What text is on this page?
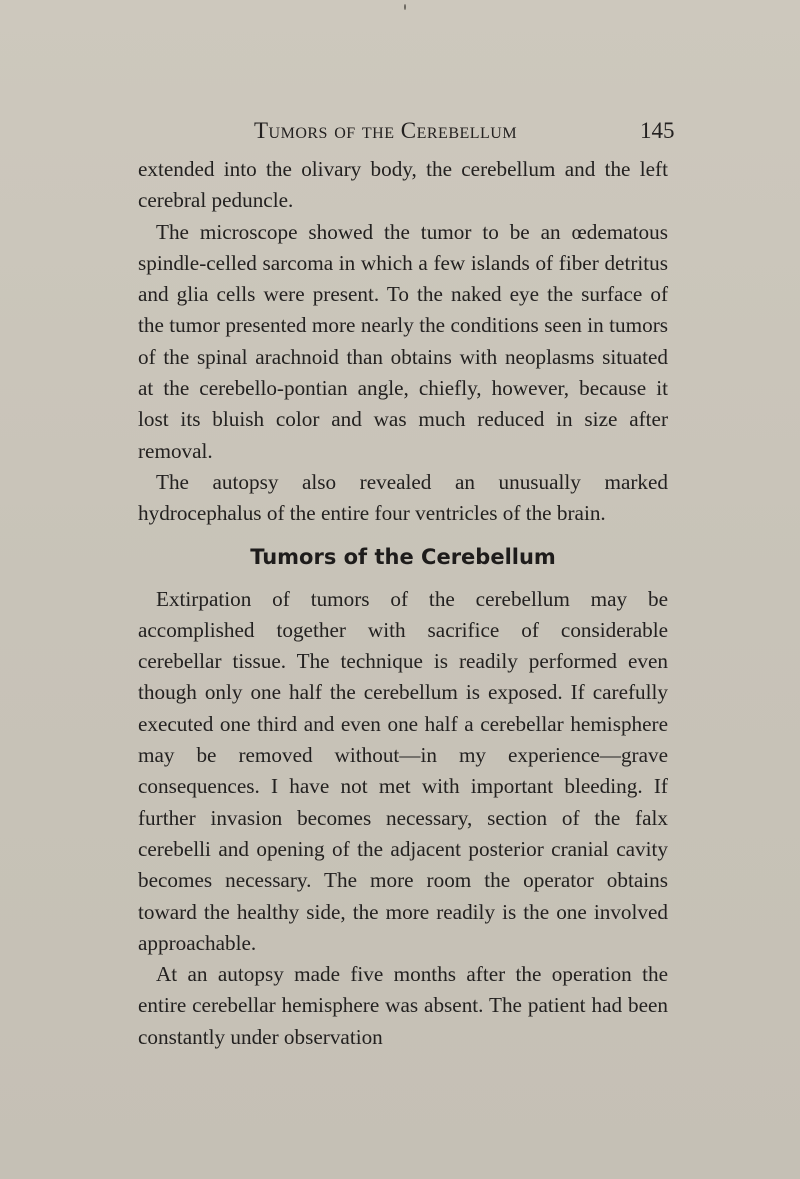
Tumors of the Cerebellum	145

extended into the olivary body, the cerebellum and the left cerebral peduncle.

The microscope showed the tumor to be an œdematous spindle-celled sarcoma in which a few islands of fiber detritus and glia cells were present. To the naked eye the surface of the tumor presented more nearly the conditions seen in tumors of the spinal arachnoid than obtains with neoplasms situated at the cerebello-pontian angle, chiefly, however, because it lost its bluish color and was much reduced in size after removal.

The autopsy also revealed an unusually marked hydrocephalus of the entire four ventricles of the brain.

Tumors of the Cerebellum

Extirpation of tumors of the cerebellum may be accomplished together with sacrifice of considerable cerebellar tissue. The technique is readily performed even though only one half the cerebellum is exposed. If carefully executed one third and even one half a cerebellar hemisphere may be removed without—in my experience—grave consequences. I have not met with important bleeding. If further invasion becomes necessary, section of the falx cerebelli and opening of the adjacent posterior cranial cavity becomes necessary. The more room the operator obtains toward the healthy side, the more readily is the one involved approachable.

At an autopsy made five months after the operation the entire cerebellar hemisphere was absent. The patient had been constantly under observation
